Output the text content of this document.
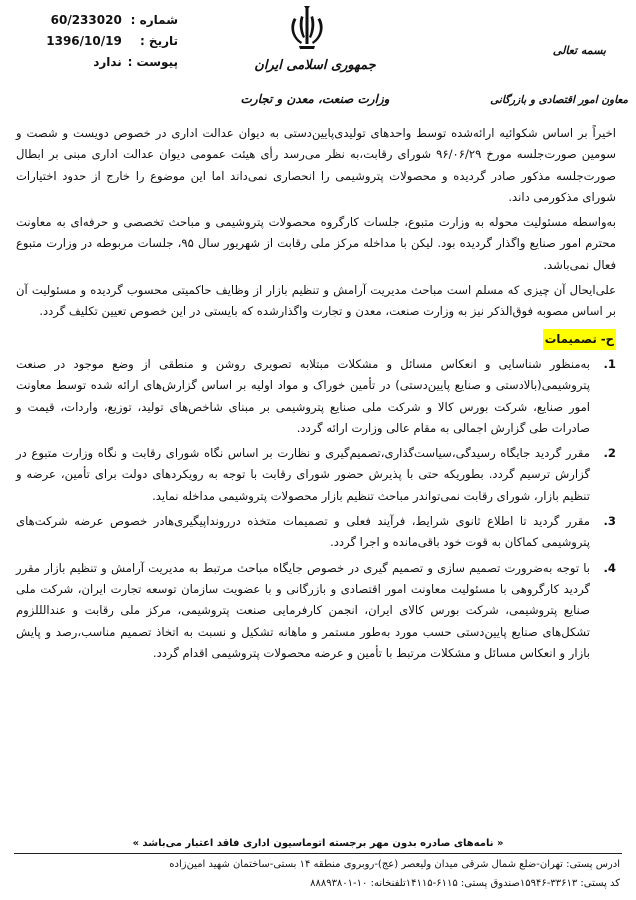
شماره : 60/233020
تاریخ : 1396/10/19
پیوست : ندارد	جمهوری اسلامی ایران
وزارت صنعت، معدن و تجارت
بسمه تعالی
معاون امور اقتصادی و بازرگانی

اخیراً بر اساس شکوائیه ارائه‌شده توسط واحدهای تولیدی‌پایین‌دستی به دیوان عدالت اداری در خصوص دویست و شصت و سومین صورت‌جلسه مورخ ۹۶/۰۶/۲۹ شورای رقابت،به نظر می‌رسد رأی هیئت عمومی دیوان عدالت اداری مبنی بر ابطال صورت‌جلسه مذکور صادر گردیده و محصولات پتروشیمی را انحصاری نمی‌داند اما این موضوع را خارج از حدود اختیارات شورای مذکورمی داند.

به‌واسطه مسئولیت محوله به وزارت متبوع، جلسات کارگروه محصولات پتروشیمی و مباحث تخصصی و حرفه‌ای به معاونت محترم امور صنایع واگذار گردیده بود. لیکن با مداخله مرکز ملی رقابت از شهریور سال ۹۵، جلسات مربوطه در وزارت متبوع فعال نمی‌باشد.

علی‌ایحال آن چیزی که مسلم است مباحث مدیریت آرامش و تنظیم بازار از وظایف حاکمیتی محسوب گردیده و مسئولیت آن بر اساس مصوبه فوق‌الذکر نیز به وزارت صنعت، معدن و تجارت واگذارشده که بایستی در این خصوص تعیین تکلیف گردد.

ح- تصمیمات
1.
به‌منظور شناسایی و انعکاس مسائل و مشکلات مبتلابه تصویری روشن و منطقی از وضع موجود در صنعت پتروشیمی(بالادستی و صنایع پایین‌دستی) در تأمین خوراک و مواد اولیه بر اساس گزارش‌های ارائه شده توسط معاونت امور صنایع، شرکت بورس کالا و شرکت ملی صنایع پتروشیمی بر مبنای شاخص‌های تولید، توزیع، واردات، قیمت و صادرات طی گزارش اجمالی به مقام عالی وزارت ارائه گردد.
2.
مقرر گردید جایگاه رسیدگی،سیاست‌گذاری،تصمیم‌گیری و نظارت بر اساس نگاه شورای رقابت و نگاه وزارت متبوع در گزارش ترسیم گردد. بطوریکه حتی با پذیرش حضور شورای رقابت با توجه به رویکردهای دولت برای تأمین، عرضه و تنظیم بازار، شورای رقابت نمی‌تواندر مباحث تنظیم بازار محصولات پتروشیمی مداخله نماید.
3.
مقرر گردید تا اطلاع ثانوی شرایط، فرآیند فعلی و تصمیمات متخذه دررونداپیگیری‌هادر خصوص عرضه شرکت‌های پتروشیمی کماکان به قوت خود باقی‌مانده و اجرا گردد.
4.
با توجه به‌ضرورت تصمیم سازی و تصمیم گیری در خصوص جایگاه مباحث مرتبط به مدیریت آرامش و تنظیم بازار مقرر گردید کارگروهی با مسئولیت معاونت امور اقتصادی و بازرگانی و با عضویت سازمان توسعه تجارت ایران، شرکت ملی صنایع پتروشیمی، شرکت بورس کالای ایران، انجمن کارفرمایی صنعت پتروشیمی، مرکز ملی رقابت و عندالللزوم تشکل‌های صنایع پایین‌دستی حسب مورد به‌طور مستمر و ماهانه تشکیل و نسبت به اتخاذ تصمیم مناسب،رصد و پایش بازار و انعکاس مسائل و مشکلات مرتبط با تأمین و عرضه محصولات پتروشیمی اقدام گردد.
« نامه‌های صادره بدون مهر برجسته اتوماسیون اداری فاقد اعتبار می‌باشد »
آدرس پستی: تهران-ضلع شمال شرقی میدان ولیعصر (عج)-روبروی منطقه ۱۴ بستی-ساختمان شهید امین‌زاده
کد پستی: ۳۳۶۱۳-۱۵۹۴۶صندوق پستی: ۶۱۱۵-۱۴۱۱۵تلفنخانه: ۱۰-۸۸۸۹۳۸۰۱
